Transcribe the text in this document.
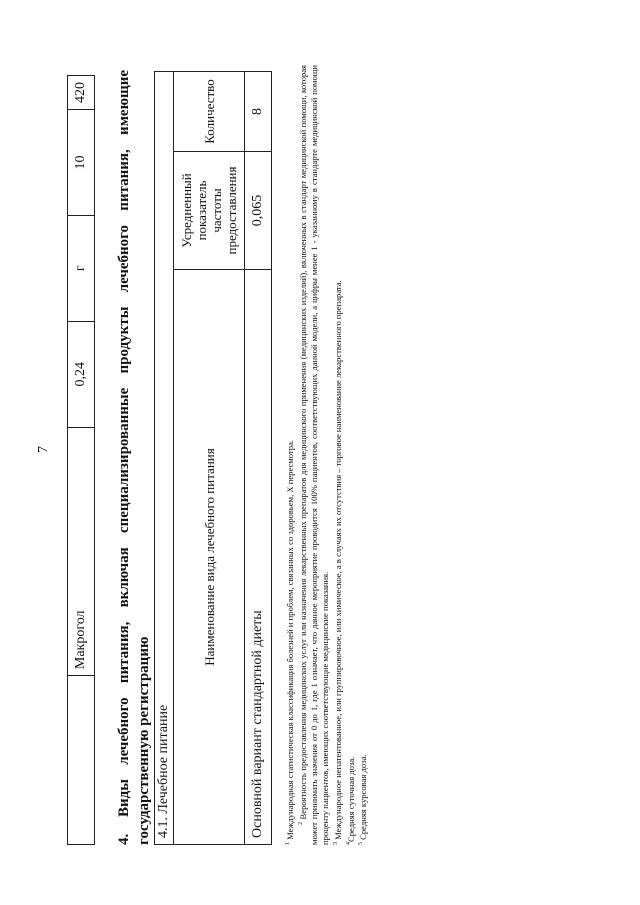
7
	Макрогол	0,24	г	10	420
4.Виды лечебного питания, включая специализированные продукты лечебного питания, имеющие государственную регистрацию 4.1. Лечебное питание		
Наименование вида лечебного питания	Усредненный показатель частоты предоставления	Количество
Основной вариант стандартной диеты	0,065	8

$^1$ Международная статистическая классификация болезней и проблем, связанных со здоровьем, X пересмотра. $^2$ Вероятность предоставления медицинских услуг или назначения лекарственных препаратов для медицинского применения (медицинских изделий), включенных в стандарт медицинской помощи, которая может принимать значения от 0 до 1, где 1 означает, что данное мероприятие проводится 100% пациентов, соответствующих данной модели, а цифры менее 1 - указанному в стандарте медицинской помощи проценту пациентов, имеющих соответствующие медицинские показания. $^3$ Международное непатентованное, или группировочное, или химическое, а в случаях их отсутствия – торговое наименование лекарственного препарата.

$^4$Средняя суточная доза.

$^5$ Средняя курсовая доза.
